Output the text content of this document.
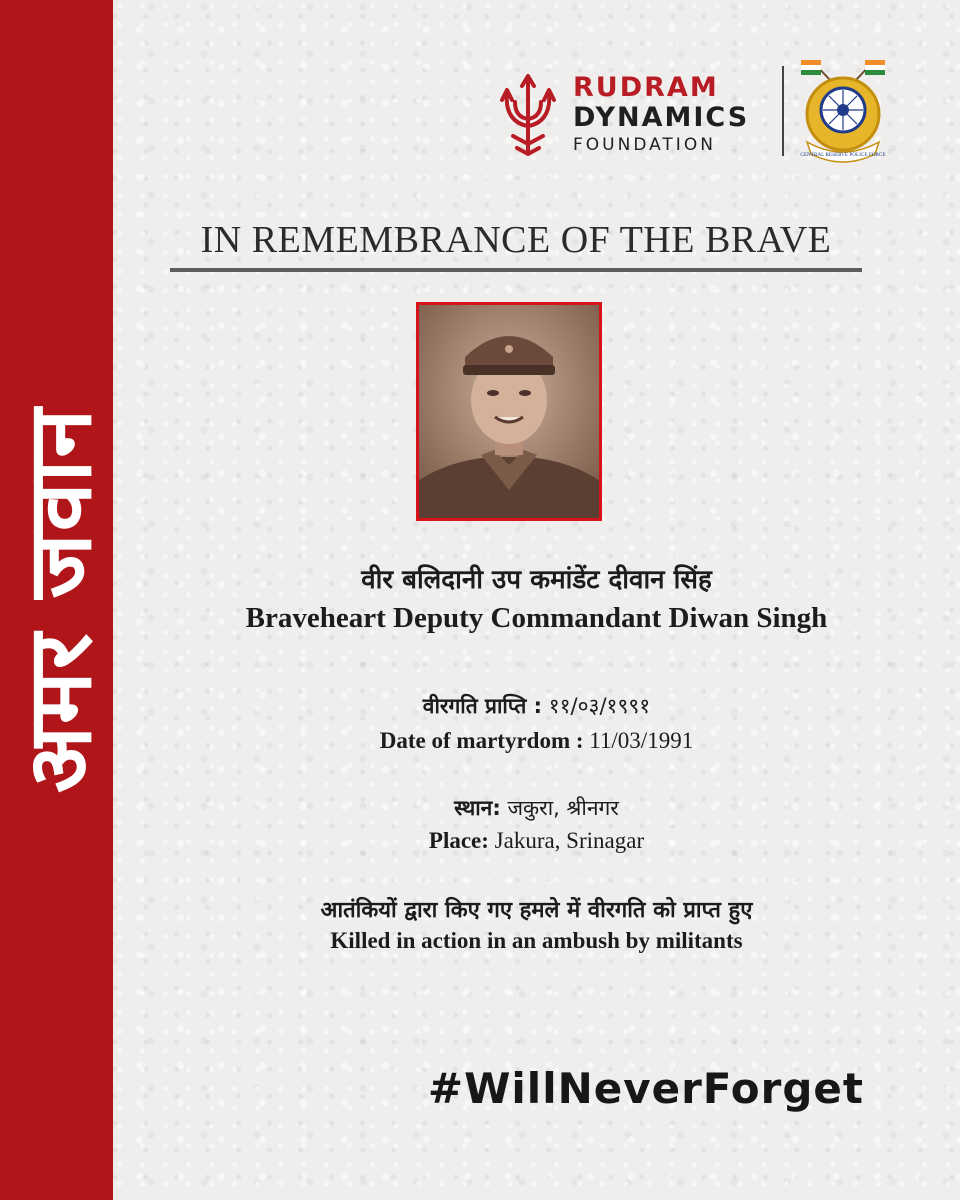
अमर जवान
RUDRAM
DYNAMICS
FOUNDATION	CENTRAL RESERVE POLICE FORCE
IN REMEMBRANCE OF THE BRAVE
वीर बलिदानी उप कमांडेंट दीवान सिंह
Braveheart Deputy Commandant Diwan Singh
वीरगति प्राप्ति : ११/०३/१९९१
Date of martyrdom : 11/03/1991
स्थान: जकुरा, श्रीनगर
Place: Jakura, Srinagar
आतंकियों द्वारा किए गए हमले में वीरगति को प्राप्त हुए
Killed in action in an ambush by militants
#WillNeverForget
